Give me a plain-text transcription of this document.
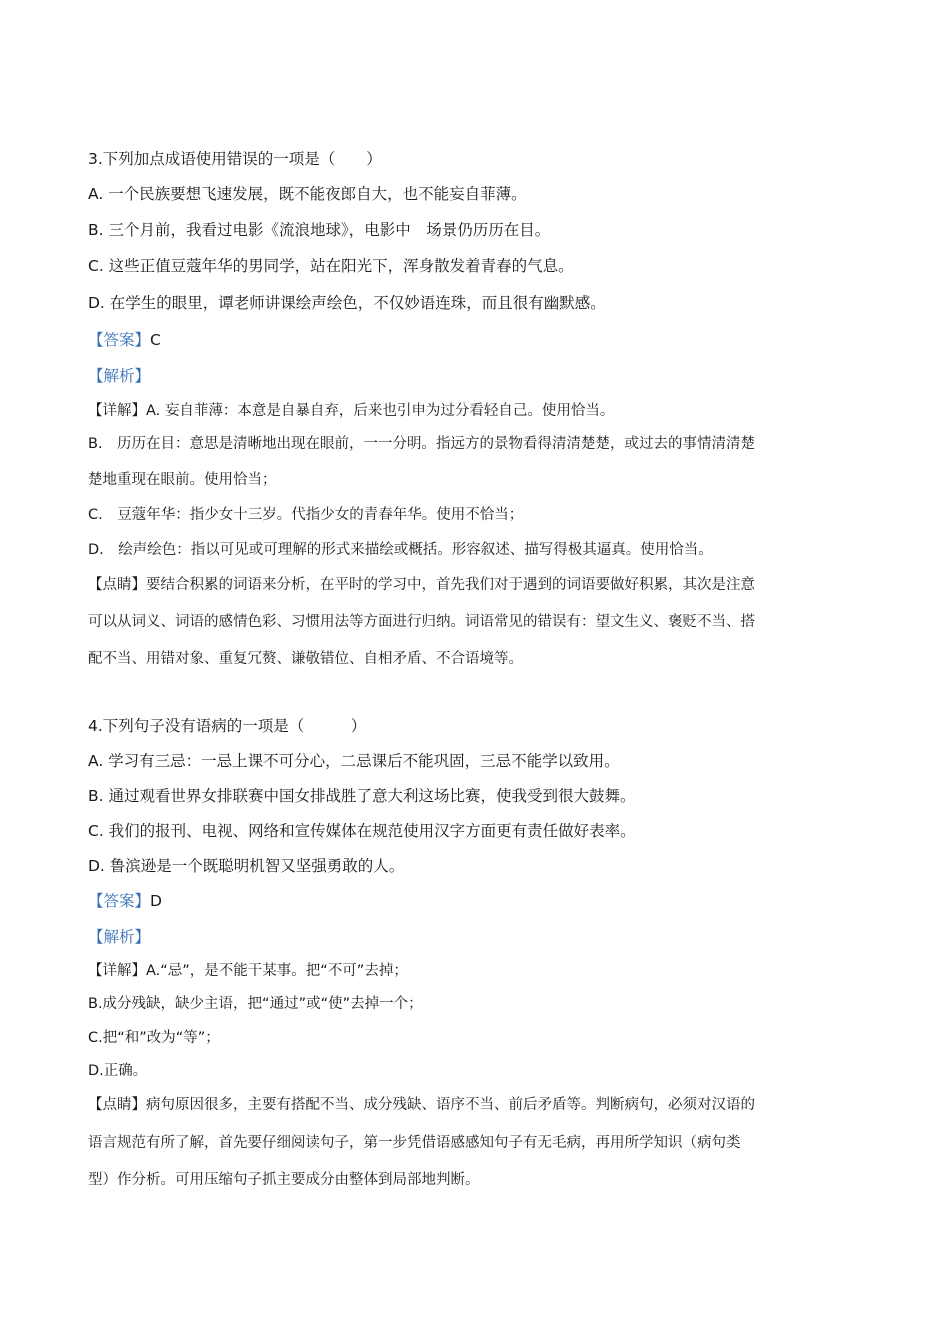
3.下列加点成语使用错误的一项是（　　）
A. 一个民族要想飞速发展，既不能夜郎自大，也不能妄自菲薄。
B. 三个月前，我看过电影《流浪地球》，电影中　场景仍历历在目。
C. 这些正值豆蔻年华的男同学，站在阳光下，浑身散发着青春的气息。
D. 在学生的眼里，谭老师讲课绘声绘色，不仅妙语连珠，而且很有幽默感。
【答案】C
【解析】
【详解】A. 妄自菲薄：本意是自暴自弃，后来也引申为过分看轻自己。使用恰当。
B.　历历在目：意思是清晰地出现在眼前，一一分明。指远方的景物看得清清楚楚，或过去的事情清清楚
楚地重现在眼前。使用恰当；
C.　豆蔻年华：指少女十三岁。代指少女的青春年华。使用不恰当；
D.　绘声绘色：指以可见或可理解的形式来描绘或概括。形容叙述、描写得极其逼真。使用恰当。
【点睛】要结合积累的词语来分析，在平时的学习中，首先我们对于遇到的词语要做好积累，其次是注意
可以从词义、词语的感情色彩、习惯用法等方面进行归纳。词语常见的错误有：望文生义、褒贬不当、搭
配不当、用错对象、重复冗赘、谦敬错位、自相矛盾、不合语境等。
4.下列句子没有语病的一项是（　　　）
A. 学习有三忌：一忌上课不可分心，二忌课后不能巩固，三忌不能学以致用。
B. 通过观看世界女排联赛中国女排战胜了意大利这场比赛，使我受到很大鼓舞。
C. 我们的报刊、电视、网络和宣传媒体在规范使用汉字方面更有责任做好表率。
D. 鲁滨逊是一个既聪明机智又坚强勇敢的人。
【答案】D
【解析】
【详解】A.“忌”，是不能干某事。把“不可”去掉；
B.成分残缺，缺少主语，把“通过”或“使”去掉一个；
C.把“和”改为“等”；
D.正确。
【点睛】病句原因很多，主要有搭配不当、成分残缺、语序不当、前后矛盾等。判断病句，必须对汉语的
语言规范有所了解，首先要仔细阅读句子，第一步凭借语感感知句子有无毛病，再用所学知识（病句类
型）作分析。可用压缩句子抓主要成分由整体到局部地判断。
